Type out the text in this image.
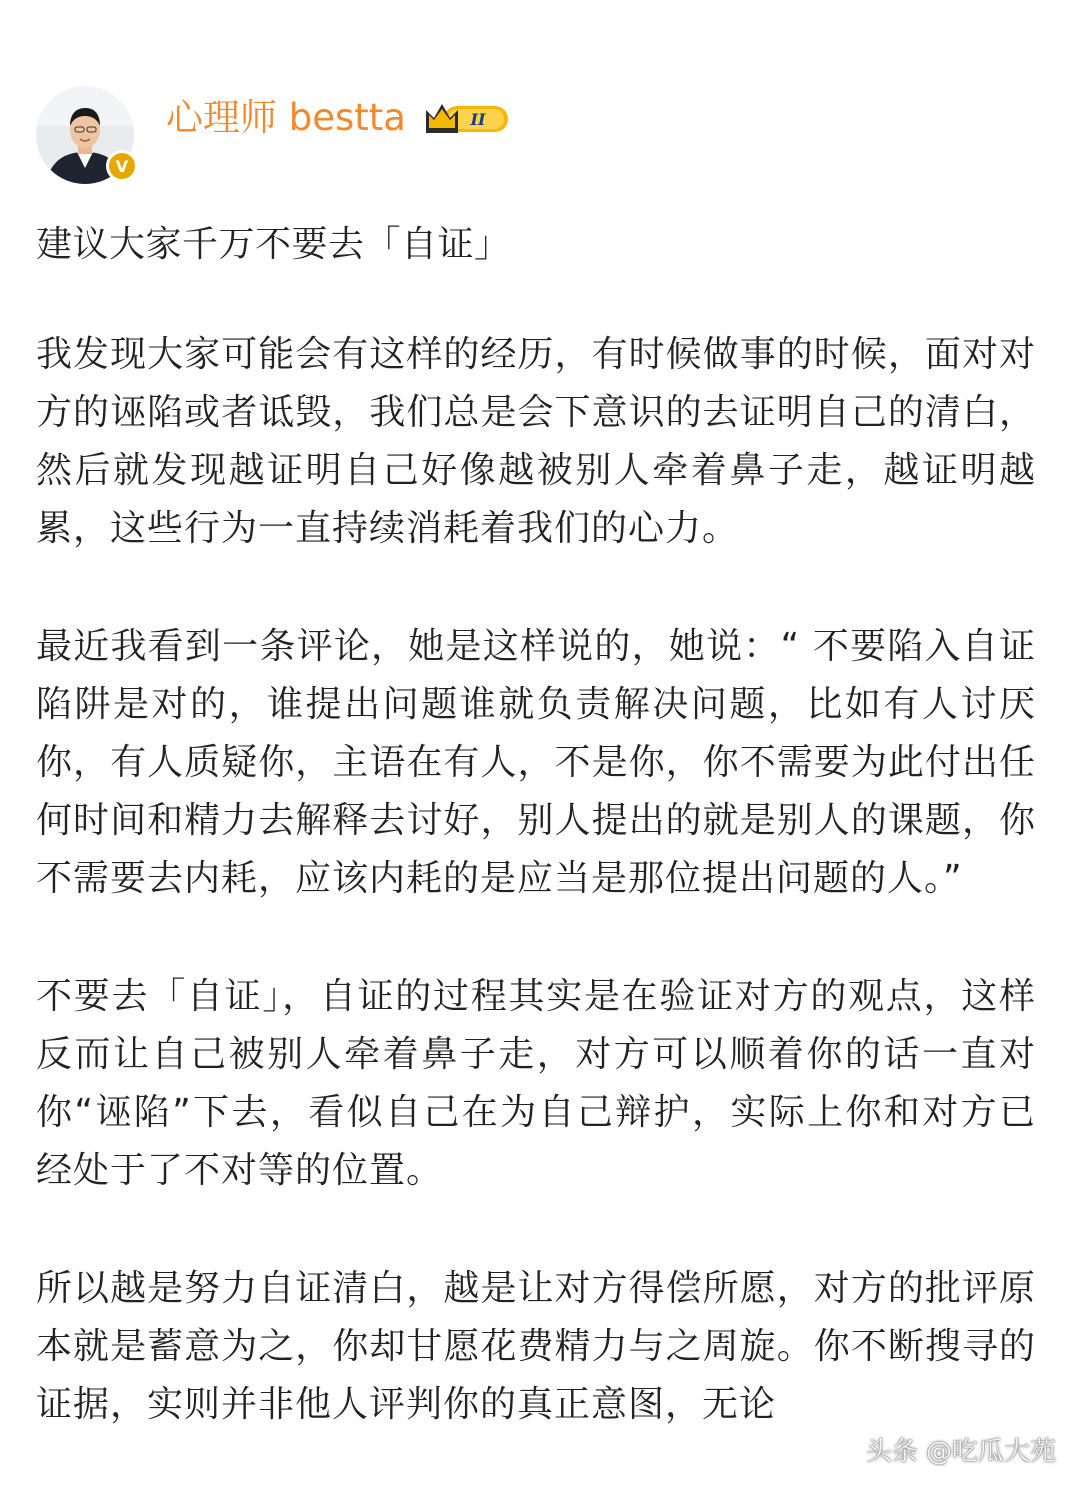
V
心理师 bestta	II
建议大家千万不要去「自证」
我发现大家可能会有这样的经历，有时候做事的时候，面对对方的诬陷或者诋毁，我们总是会下意识的去证明自己的清白，然后就发现越证明自己好像越被别人牵着鼻子走，越证明越累，这些行为一直持续消耗着我们的心力。
最近我看到一条评论，她是这样说的，她说：“ 不要陷入自证陷阱是对的，谁提出问题谁就负责解决问题，比如有人讨厌你，有人质疑你，主语在有人，不是你，你不需要为此付出任何时间和精力去解释去讨好，别人提出的就是别人的课题，你不需要去内耗，应该内耗的是应当是那位提出问题的人。”
不要去「自证」，自证的过程其实是在验证对方的观点，这样反而让自己被别人牵着鼻子走，对方可以顺着你的话一直对你“诬陷”下去，看似自己在为自己辩护，实际上你和对方已经处于了不对等的位置。
所以越是努力自证清白，越是让对方得偿所愿，对方的批评原本就是蓄意为之，你却甘愿花费精力与之周旋。你不断搜寻的证据，实则并非他人评判你的真正意图，无论
头条 @吃瓜大苑
